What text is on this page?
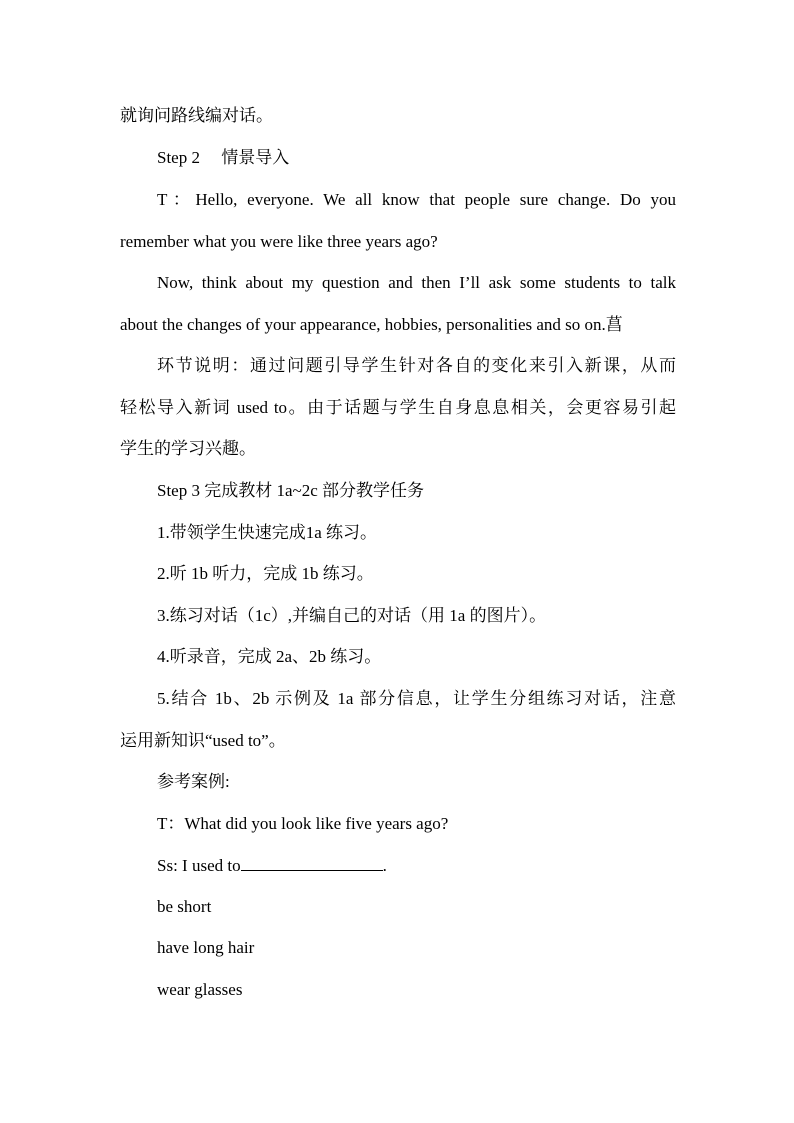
就询问路线编对话。
Step 2　 情景导入
T：Hello, everyone. We all know that people sure change. Do you
remember what you were like three years ago?
Now, think about my question and then I’ll ask some students to talk
about the changes of your appearance, hobbies, personalities and so on.菖
环节说明：通过问题引导学生针对各自的变化来引入新课，从而
轻松导入新词 used to。由于话题与学生自身息息相关，会更容易引起
学生的学习兴趣。
Step 3 完成教材 1a~2c 部分教学任务
1.带领学生快速完成1a 练习。
2.听 1b 听力，完成 1b 练习。
3.练习对话（1c）,并编自己的对话（用 1a 的图片）。
4.听录音，完成 2a、2b 练习。
5.结合 1b、2b 示例及 1a 部分信息，让学生分组练习对话，注意
运用新知识“used to”。
参考案例:
T：What did you look like five years ago?
Ss: I used to	.
be short
have long hair
wear glasses
